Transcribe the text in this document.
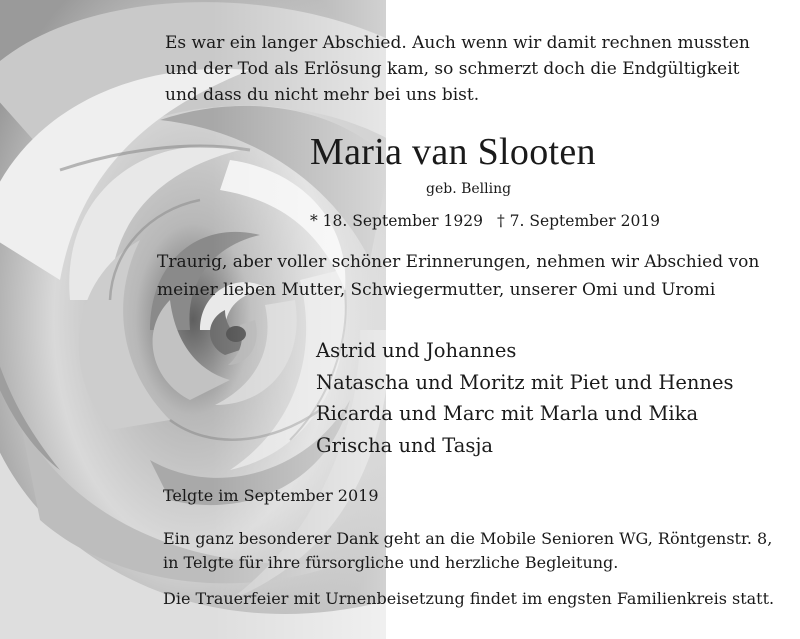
Es war ein langer Abschied. Auch wenn wir damit rechnen mussten
und der Tod als Erlösung kam, so schmerzt doch die Endgültigkeit
und dass du nicht mehr bei uns bist.
Maria van Slooten
geb. Belling
* 18. September 1929 † 7. September 2019
Traurig, aber voller schöner Erinnerungen, nehmen wir Abschied von
meiner lieben Mutter, Schwiegermutter, unserer Omi und Uromi
Astrid und Johannes
Natascha und Moritz mit Piet und Hennes
Ricarda und Marc mit Marla und Mika
Grischa und Tasja
Telgte im September 2019
Ein ganz besonderer Dank geht an die Mobile Senioren WG, Röntgenstr. 8,
in Telgte für ihre fürsorgliche und herzliche Begleitung.
Die Trauerfeier mit Urnenbeisetzung findet im engsten Familienkreis statt.
